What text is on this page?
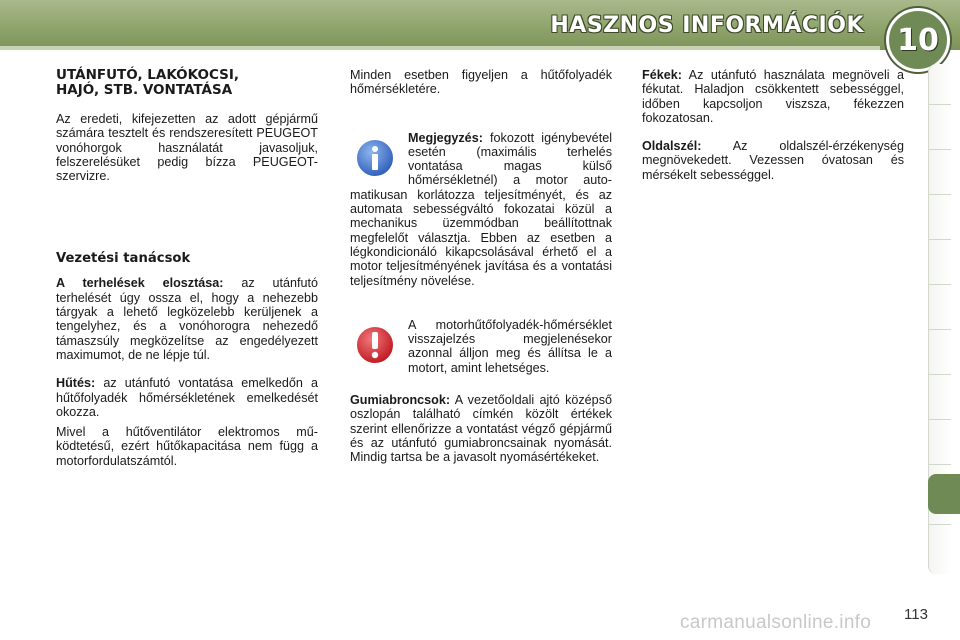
HASZNOS INFORMÁCIÓK 10
UTÁNFUTÓ, LAKÓKOCSI, HAJÓ, STB. VONTATÁSA

Az eredeti, kifejezetten az adott gépjármű számára tesztelt és rendszeresített PEUGEOT vonóhorgok használatát javasoljuk, felszerelésüket pedig bízza PEUGEOT-szervizre.

Vezetési tanácsok

A terhelések elosztása: az utánfutó terhelését úgy ossza el, hogy a nehezebb tárgyak a lehető legközelebb kerüljenek a tengelyhez, és a vonóhorogra nehezedő támaszsúly megközelítse az engedélyezett maximumot, de ne lépje túl.

Hűtés: az utánfutó vontatása emelkedőn a hűtőfolyadék hőmérsékletének emelkedését okozza.

Mivel a hűtőventilátor elektromos működtetésű, ezért hűtőkapacitása nem függ a motorfordulatszámtól.

Minden esetben figyeljen a hűtőfolyadék hőmérsékletére.

Megjegyzés: fokozott igénybevétel esetén (maximális terhelés vontatása magas külső hőmérsékletnél) a motor automatikusan korlátozza teljesítményét, és az automata sebességváltó fokozatai közül a mechanikus üzemmódban beállítottnak megfelelőt választja. Ebben az esetben a légkondicionáló kikapcsolásával érhető el a motor teljesítményének javítása és a vontatási teljesítmény növelése.

A motorhűtőfolyadék-hőmérséklet visszajelzés megjelenésekor azonnal álljon meg és állítsa le a motort, amint lehetséges.

Gumiabroncsok: A vezetőoldali ajtó középső oszlopán található címkén közölt értékek szerint ellenőrizze a vontatást végző gépjármű és az utánfutó gumiabroncsainak nyomását. Mindig tartsa be a javasolt nyomásértékeket.

Fékek: Az utánfutó használata megnöveli a fékutat. Haladjon csökkentett sebességgel, időben kapcsoljon viszsza, fékezzen fokozatosan.

Oldalszél: Az oldalszél-érzékenység megnövekedett. Vezessen óvatosan és mérsékelt sebességgel.

carmanualsonline.info 113
